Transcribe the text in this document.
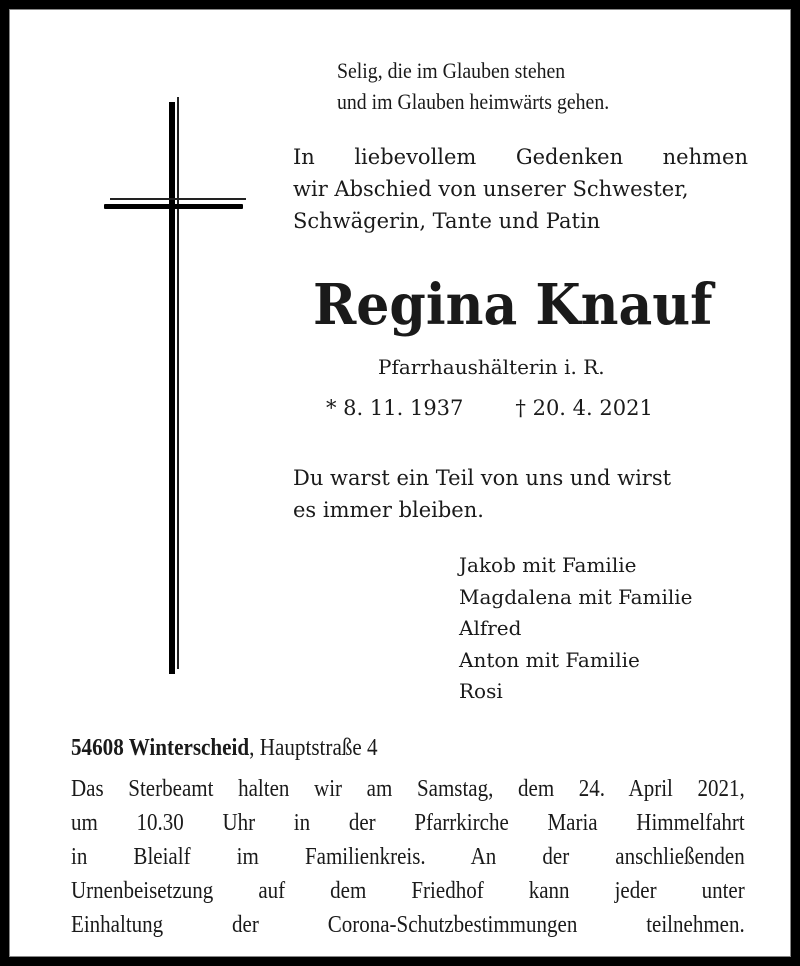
Selig, die im Glauben stehen
und im Glauben heimwärts gehen.
In liebevollem Gedenken nehmen
wir Abschied von unserer Schwester,
Schwägerin, Tante und Patin
Regina Knauf
Pfarrhaushälterin i. R.
* 8. 11. 1937 † 20. 4. 2021
Du warst ein Teil von uns und wirst
es immer bleiben.
Jakob mit Familie
Magdalena mit Familie
Alfred
Anton mit Familie
Rosi
54608 Winterscheid, Hauptstraße 4
Das Sterbeamt halten wir am Samstag, dem 24. April 2021,
um 10.30 Uhr in der Pfarrkirche Maria Himmelfahrt
in Bleialf im Familienkreis. An der anschließenden
Urnenbeisetzung auf dem Friedhof kann jeder unter
Einhaltung der Corona-Schutzbestimmungen teilnehmen.
